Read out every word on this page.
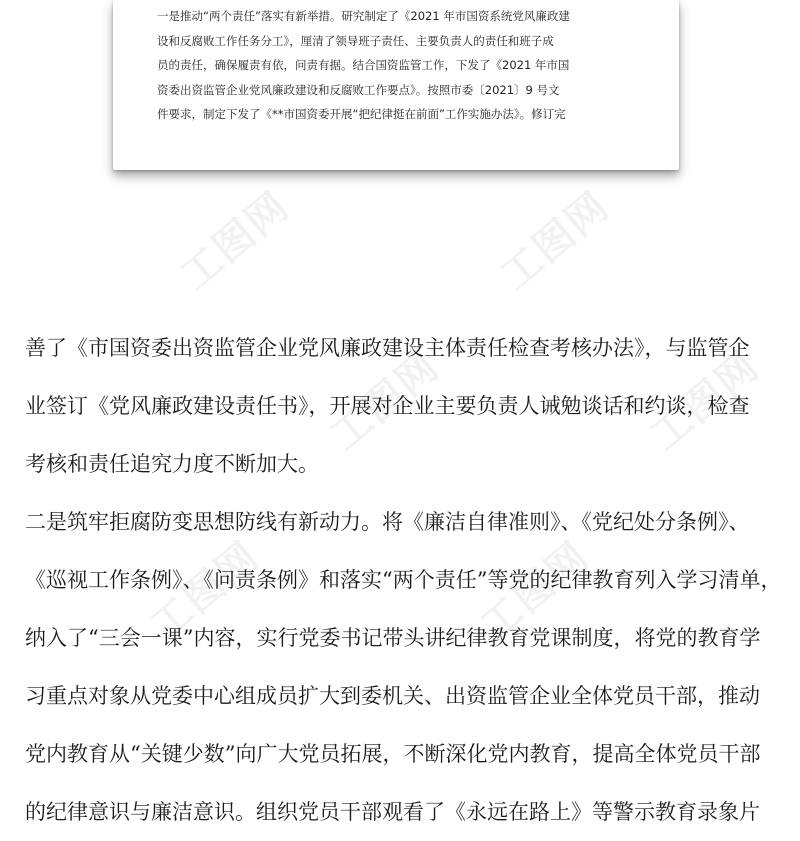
工图网	工图网
工图网	工图网
工图网	工图网

一是推动“两个责任”落实有新举措。研究制定了《2021 年市国资系统党风廉政建
设和反腐败工作任务分工》，厘清了领导班子责任、主要负责人的责任和班子成
员的责任，确保履责有依，问责有据。结合国资监管工作，下发了《2021 年市国
资委出资监管企业党风廉政建设和反腐败工作要点》。按照市委〔2021〕9 号文
件要求，制定下发了《**市国资委开展“把纪律挺在前面”工作实施办法》。修订完

善了《市国资委出资监管企业党风廉政建设主体责任检查考核办法》，与监管企
业签订《党风廉政建设责任书》，开展对企业主要负责人诫勉谈话和约谈，检查
考核和责任追究力度不断加大。
二是筑牢拒腐防变思想防线有新动力。将《廉洁自律准则》、《党纪处分条例》、
《巡视工作条例》、《问责条例》和落实“两个责任”等党的纪律教育列入学习清单，
纳入了“三会一课”内容，实行党委书记带头讲纪律教育党课制度，将党的教育学
习重点对象从党委中心组成员扩大到委机关、出资监管企业全体党员干部，推动
党内教育从“关键少数”向广大党员拓展，不断深化党内教育，提高全体党员干部
的纪律意识与廉洁意识。组织党员干部观看了《永远在路上》等警示教育录象片
